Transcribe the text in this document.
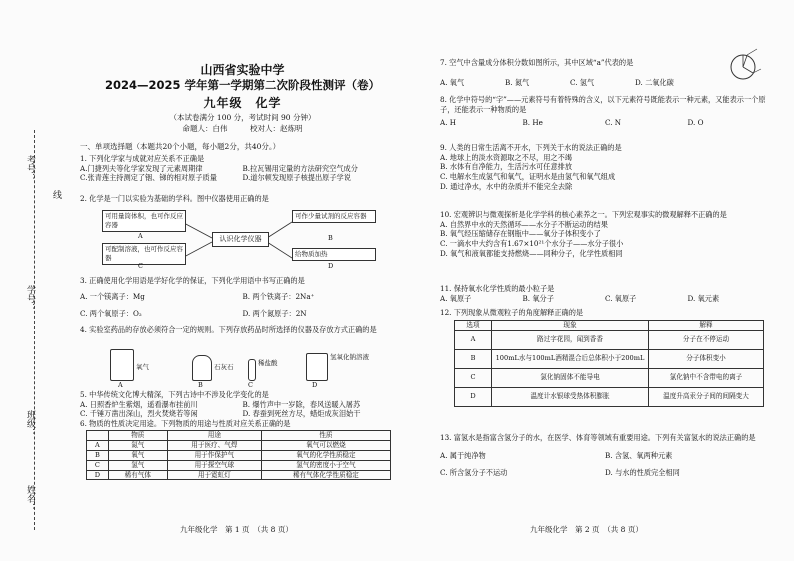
考号：
学号：
班级：
姓名：
线
山西省实验中学
2024—2025 学年第一学期第二次阶段性测评（卷）
九年级　化学
（本试卷满分 100 分，考试时间 90 分钟）
命题人：白伟　　　校对人：赵炼明
一、单项选择题（本题共20个小题，每小题2分，共40分。）

1. 下列化学家与成就对应关系不正确是

A.门捷列夫等化学家发现了元素周期律	B.拉瓦锡用定量的方法研究空气成分
C.张青莲主持测定了铟、锑的相对原子质量	D.道尔顿发现原子核提出原子学说

2. 化学是一门以实验为基础的学科。图中仪器使用正确的是

可用量筒体积，也可作反应容器
可作少量试剂的反应容器
认识化学仪器
可配制溶液，也可作反应容器	给物质加热
A	B
C	D

3. 正确使用化学用语是学好化学的保证，下列化学用语中书写正确的是

A. 一个镁离子：Mg	B. 两个铁离子：2Na⁺
C. 两个氧原子：O₂	D. 两个氮原子：2N

4. 实验室药品的存放必须符合一定的规则。下列存放药品时所选择的仪器及存放方式正确的是

氧气	石灰石	稀盐酸
氢氧化钠溶液
A	B	C	D

5. 中华传统文化博大精深，下列古诗中不涉及化学变化的是

A. 日照香炉生紫烟，遥看瀑布挂前川	B. 爆竹声中一岁除，春风送暖入屠苏
C. 千锤万凿出深山，烈火焚烧若等闲	D. 春蚕到死丝方尽，蜡炬成灰泪始干

6. 物质的性质决定用途。下列物质的用途与性质对应关系正确的是

	物质	用途	性质
A	氮气	用于医疗、气焊	氧气可以燃烧
B	氧气	用于作保护气	氧气的化学性质稳定
C	氢气	用于探空气球	氢气的密度小于空气
D	稀有气体	用于霓虹灯	稀有气体化学性质稳定
九年级化学　第 1 页　（共 8 页）

7. 空气中含量成分体积分数如图所示，其中区域“a”代表的是

A. 氧气	B. 氮气	C. 氢气	D. 二氧化碳

8. 化学中符号的“字”——元素符号有着特殊的含义，以下元素符号既能表示一种元素，又能表示一个原子，还能表示一种物质的是

A. H	B. He	C. N	D. O

9. 人类的日常生活离不开水，下列关于水的说法正确的是

A. 地球上的淡水资源取之不尽，用之不竭

B. 水体有自净能力，生活污水可任意排放

C. 电解水生成氢气和氧气，证明水是由氢气和氧气组成

D. 通过净水，水中的杂质并不能完全去除

10. 宏观辨识与微观探析是化学学科的核心素养之一。下列宏观事实的微观解释不正确的是

A. 自然界中水的天然循环——水分子不断运动的结果

B. 氧气经压缩储存在钢瓶中——氧分子体积变小了

C. 一滴水中大约含有1.67×10²¹个水分子——水分子很小

D. 氧气和液氧都能支持燃烧——同种分子，化学性质相同

11. 保持氧水化学性质的最小粒子是

A. 氧原子	B. 氧分子	C. 氧原子	D. 氧元素

12. 下列现象从微观粒子的角度解释正确的是

选项	现象	解释
A	路过字花园，闻到香香	分子在不停运动
B	100mL水与100mL酒精混合后总体积小于200mL	分子体积变小
C	氯化钠固体不能导电	氯化钠中不含带电的离子
D	温度计水银球受热体积膨胀	温度升高汞分子间的间隔变大

13. 富氢水是指富含氢分子的水，在医学、体育等领域有重要用途。下列有关富氢水的说法正确的是

A. 属于纯净物	B. 含氢、氧两种元素
C. 所含氢分子不运动	D. 与水的性质完全相同
九年级化学　第 2 页　（共 8 页）
